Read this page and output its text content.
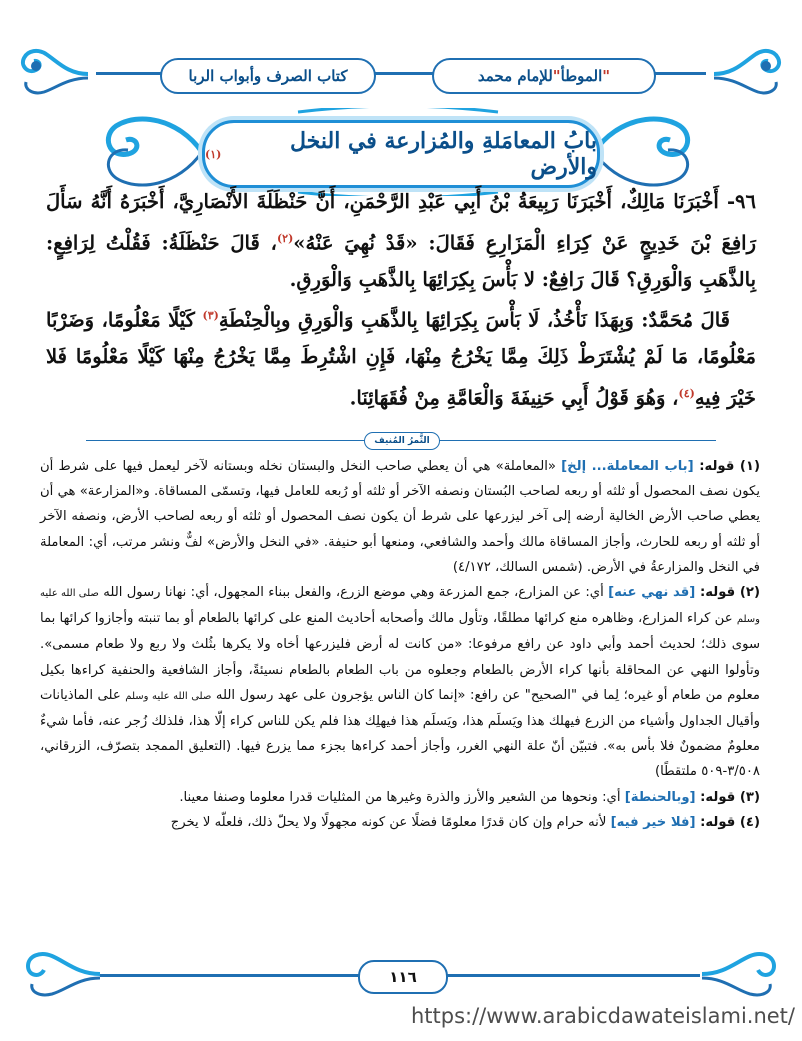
كتاب الصرف وأبواب الربا	"
الموطأ
"
للإمام محمد
بابُ المعامَلةِ والمُزارعة في النخل والأرض
(١)

٩٦- أَخْبَرَنَا مَالِكٌ، أَخْبَرَنَا رَبِيعَةُ بْنُ أَبِي عَبْدِ الرَّحْمَنِ، أَنَّ حَنْظَلَةَ الأَنْصَارِيَّ، أَخْبَرَهُ أَنَّهُ سَأَلَ رَافِعَ بْنَ خَدِيجٍ عَنْ كِرَاءِ الْمَزَارِعِ فَقَالَ: «قَدْ نُهِيَ عَنْهُ»$^{(٢)}$، قَالَ حَنْظَلَةُ: فَقُلْتُ لِرَافِعٍ: بِالذَّهَبِ وَالْوَرِقِ؟ قَالَ رَافِعٌ: لا بَأْسَ بِكِرَائِهَا بِالذَّهَبِ وَالْوَرِقِ.

قَالَ مُحَمَّدٌ: وَبِهَذَا نَأْخُذُ، لَا بَأْسَ بِكِرَائِهَا بِالذَّهَبِ وَالْوَرِقِ وبِالْحِنْطَةِ$^{(٣)}$ كَيْلًا مَعْلُومًا، وَضَرْبًا مَعْلُومًا، مَا لَمْ يُشْتَرَطْ ذَلِكَ مِمَّا يَخْرُجُ مِنْهَا، فَإِنِ اشْتُرِطَ مِمَّا يَخْرُجُ مِنْهَا كَيْلًا مَعْلُومًا فَلا خَيْرَ فِيهِ$^{(٤)}$، وَهُوَ قَوْلُ أَبِي حَنِيفَةَ وَالْعَامَّةِ مِنْ فُقَهَائِنَا.

الثَّمرُ المُنيف

(١) قوله: [باب المعاملة... إلخ] «المعاملة» هي أن يعطي صاحب النخل والبستان نخله وبستانه لآخر ليعمل فيها على شرط أن يكون نصف المحصول أو ثلثه أو ربعه لصاحب البُستان ونصفه الآخر أو ثلثه أو رُبعه للعامل فيها، وتسمّى المساقاة. و«المزارعة» هي أن يعطي صاحب الأرض الخالية أرضه إلى آخر ليزرعها على شرط أن يكون نصف المحصول أو ثلثه أو ربعه لصاحب الأرض، ونصفه الآخر أو ثلثه أو ربعه للحارث، وأجاز المساقاة مالك وأحمد والشافعي، ومنعها أبو حنيفة. «في النخل والأرض» لفٌّ ونشر مرتب، أي: المعاملة في النخل والمزارعةُ في الأرض. (شمس السالك، ٤/١٧٢)

(٢) قوله: [قد نهي عنه] أي: عن المزارع، جمع المزرعة وهي موضع الزرع، والفعل ببناء المجهول، أي: نهانا رسول الله صلى الله عليه وسلم عن كراء المزارع، وظاهره منع كرائها مطلقًا، وتأول مالك وأصحابه أحاديث المنع على كرائها بالطعام أو بما تنبته وأجازوا كرائها بما سوى ذلك؛ لحديث أحمد وأبي داود عن رافع مرفوعا: «من كانت له أرض فليزرعها أخاه ولا يكرها بثُلث ولا ربع ولا طعام مسمى». وتأولوا النهي عن المحاقلة بأنها كراء الأرض بالطعام وجعلوه من باب الطعام بالطعام نسيئةً، وأجاز الشافعية والحنفية كراءها بكيل معلوم من طعام أو غيره؛ لِما في "الصحيح" عن رافع: «إنما كان الناس يؤجرون على عهد رسول الله صلى الله عليه وسلم على الماذيانات وأقيال الجداول وأشياء من الزرع فيهلك هذا ويَسلَم هذا، ويَسلَم هذا فيهلِك هذا فلم يكن للناس كراء إلّا هذا، فلذلك زُجر عنه، فأما شيءٌ معلومٌ مضمونٌ فلا بأس به». فتبيّن أنّ علة النهي الغرر، وأجاز أحمد كراءها بجزء مما يزرع فيها. (التعليق الممجد بتصرّف، الزرقاني، ٣/٥٠٨-٥٠٩ ملتقطًا)

(٣) قوله: [وبالحنطة] أي: ونحوها من الشعير والأرز والذرة وغيرها من المثليات قدرا معلوما وصنفا معينا.

(٤) قوله: [فلا خير فيه] لأنه حرام وإن كان قدرًا معلومًا فضلًا عن كونه مجهولًا ولا يحلّ ذلك، فلعلّه لا يخرج

١١٦
https://www.arabicdawateislami.net/
